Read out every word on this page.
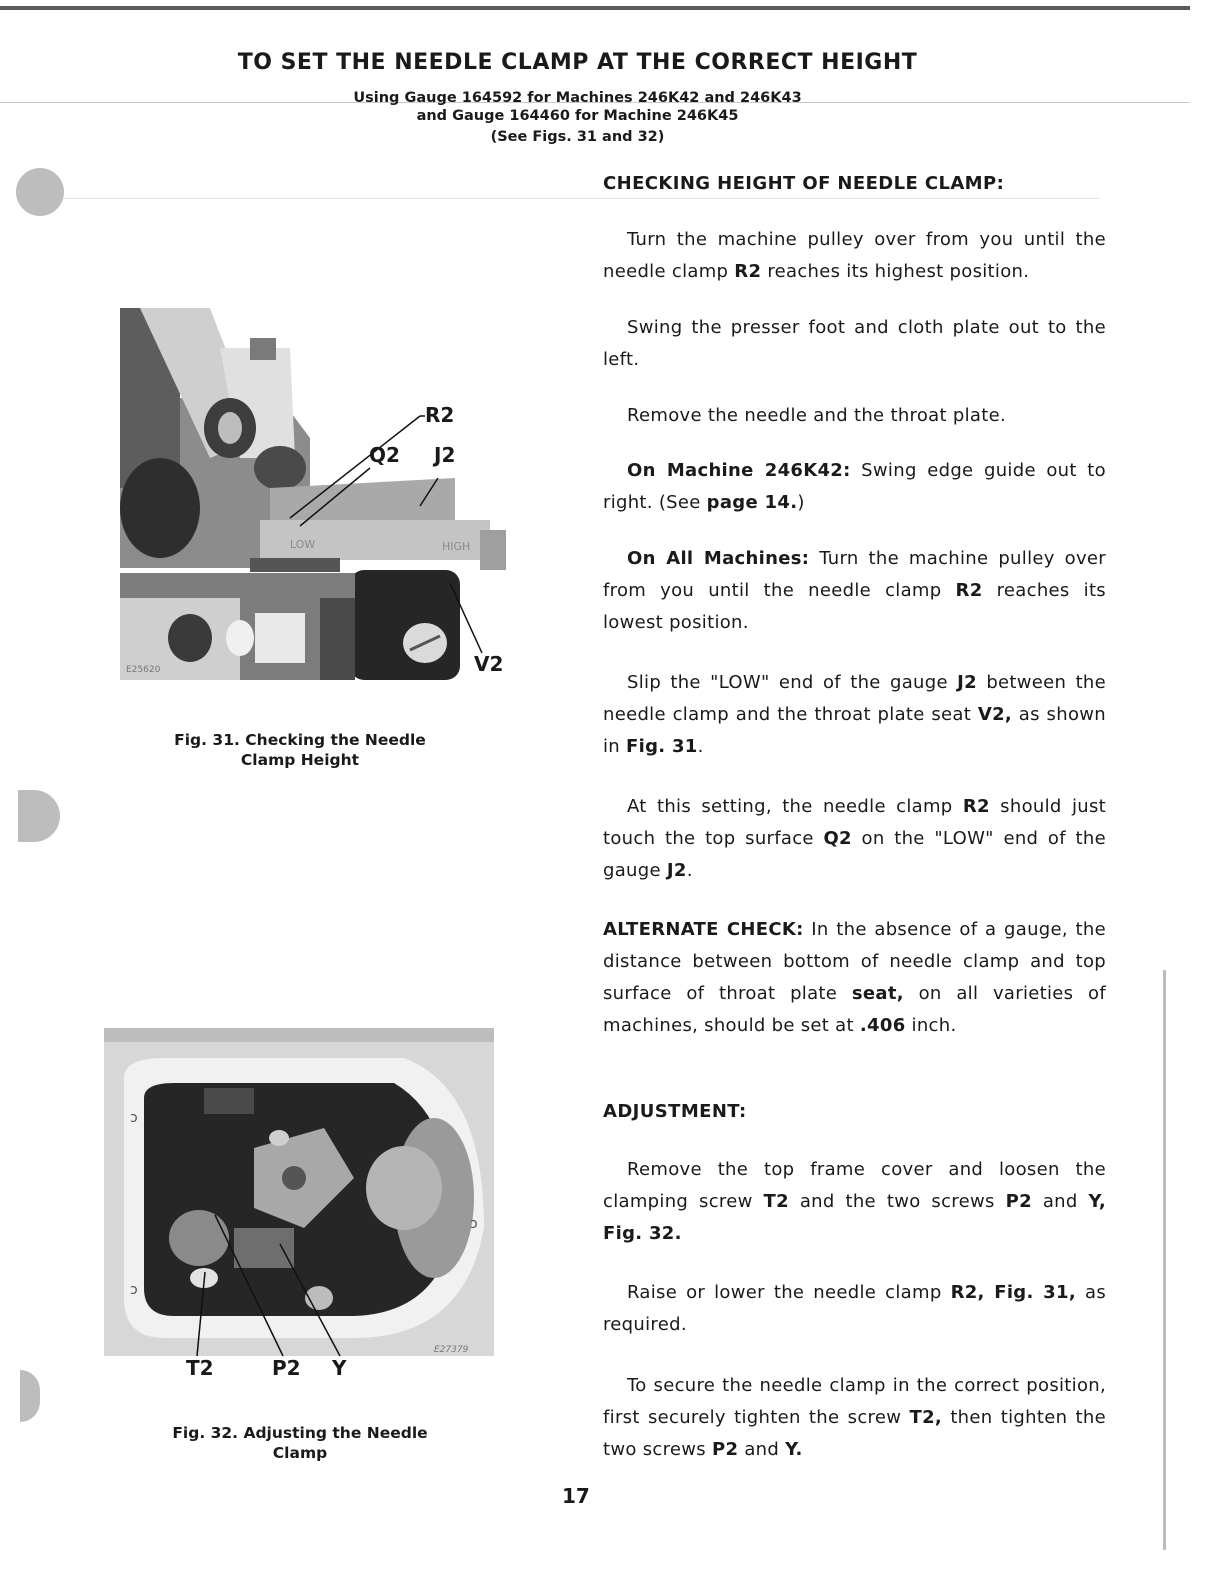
TO SET THE NEEDLE CLAMP AT THE CORRECT HEIGHT
Using Gauge 164592 for Machines 246K42 and 246K43
and Gauge 164460 for Machine 246K45
(See Figs. 31 and 32)
LOW	HIGH
E25620
R2
Q2 J2
V2
Fig. 31. Checking the Needle
Clamp Height
ɔ
ɔ
ɔ
E27379
T2	P2 Y
Fig. 32. Adjusting the Needle
Clamp
CHECKING HEIGHT OF NEEDLE CLAMP:

Turn the machine pulley over from you until the needle clamp R2 reaches its highest position.

Swing the presser foot and cloth plate out to the left.

Remove the needle and the throat plate.

On Machine 246K42: Swing edge guide out to right. (See page 14.)

On All Machines: Turn the machine pulley over from you until the needle clamp R2 reaches its lowest position.

Slip the "LOW" end of the gauge J2 between the needle clamp and the throat plate seat V2, as shown in Fig. 31.

At this setting, the needle clamp R2 should just touch the top surface Q2 on the "LOW" end of the gauge J2.

ALTERNATE CHECK: In the absence of a gauge, the distance between bottom of needle clamp and top surface of throat plate seat, on all varieties of machines, should be set at .406 inch.

ADJUSTMENT:

Remove the top frame cover and loosen the clamping screw T2 and the two screws P2 and Y, Fig. 32.

Raise or lower the needle clamp R2, Fig. 31, as required.

To secure the needle clamp in the correct position, first securely tighten the screw T2, then tighten the two screws P2 and Y.

17
